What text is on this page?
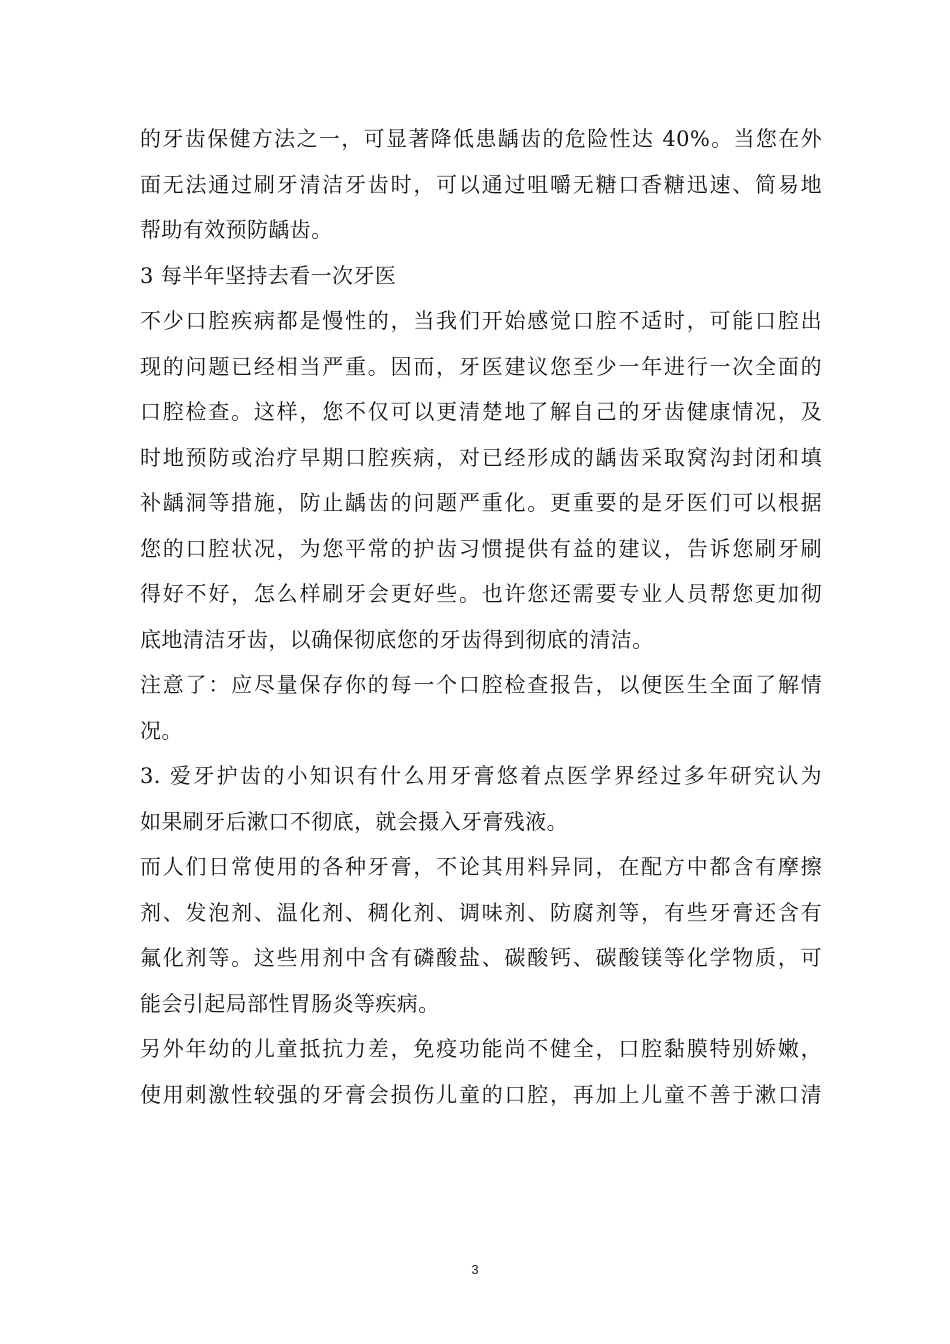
的牙齿保健方法之一，可显著降低患龋齿的危险性达 40%。当您在外
面无法通过刷牙清洁牙齿时，可以通过咀嚼无糖口香糖迅速、简易地
帮助有效预防龋齿。

3 每半年坚持去看一次牙医

不少口腔疾病都是慢性的，当我们开始感觉口腔不适时，可能口腔出
现的问题已经相当严重。因而，牙医建议您至少一年进行一次全面的
口腔检查。这样，您不仅可以更清楚地了解自己的牙齿健康情况，及
时地预防或治疗早期口腔疾病，对已经形成的龋齿采取窝沟封闭和填
补龋洞等措施，防止龋齿的问题严重化。更重要的是牙医们可以根据
您的口腔状况，为您平常的护齿习惯提供有益的建议，告诉您刷牙刷
得好不好，怎么样刷牙会更好些。也许您还需要专业人员帮您更加彻
底地清洁牙齿，以确保彻底您的牙齿得到彻底的清洁。

注意了：应尽量保存你的每一个口腔检查报告，以便医生全面了解情
况。

3. 爱牙护齿的小知识有什么用牙膏悠着点医学界经过多年研究认为
如果刷牙后漱口不彻底，就会摄入牙膏残液。

而人们日常使用的各种牙膏，不论其用料异同，在配方中都含有摩擦
剂、发泡剂、温化剂、稠化剂、调味剂、防腐剂等，有些牙膏还含有
氟化剂等。这些用剂中含有磷酸盐、碳酸钙、碳酸镁等化学物质，可
能会引起局部性胃肠炎等疾病。

另外年幼的儿童抵抗力差，免疫功能尚不健全，口腔黏膜特别娇嫩，
使用刺激性较强的牙膏会损伤儿童的口腔，再加上儿童不善于漱口清

3
